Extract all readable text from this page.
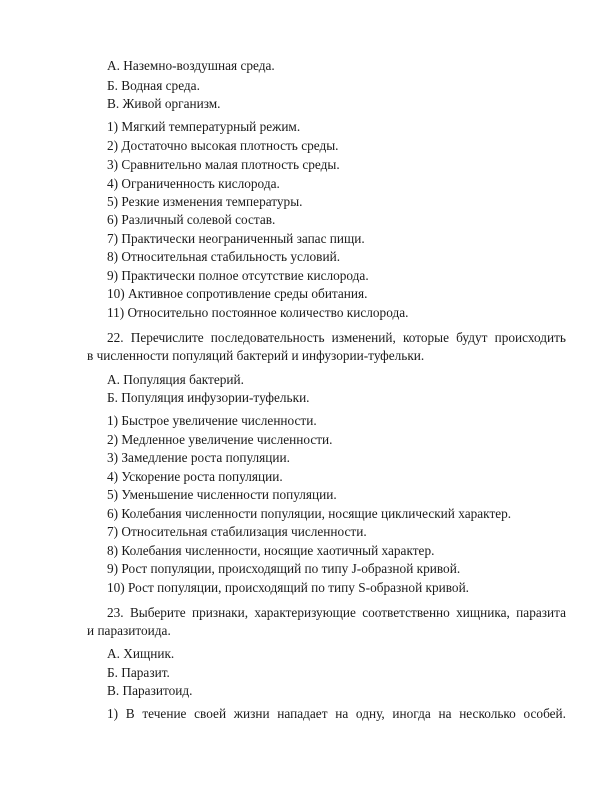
А. Наземно-воздушная среда.
Б. Водная среда.
В. Живой организм.
1) Мягкий температурный режим.
2) Достаточно высокая плотность среды.
3) Сравнительно малая плотность среды.
4) Ограниченность кислорода.
5) Резкие изменения температуры.
6) Различный солевой состав.
7) Практически неограниченный запас пищи.
8) Относительная стабильность условий.
9) Практически полное отсутствие кислорода.
10) Активное сопротивление среды обитания.
11) Относительно постоянное количество кислорода.
22. Перечислите последовательность изменений, которые будут происходить
в численности популяций бактерий и инфузории-туфельки.
А. Популяция бактерий.
Б. Популяция инфузории-туфельки.
1) Быстрое увеличение численности.
2) Медленное увеличение численности.
3) Замедление роста популяции.
4) Ускорение роста популяции.
5) Уменьшение численности популяции.
6) Колебания численности популяции, носящие циклический характер.
7) Относительная стабилизация численности.
8) Колебания численности, носящие хаотичный характер.
9) Рост популяции, происходящий по типу J-образной кривой.
10) Рост популяции, происходящий по типу S-образной кривой.
23. Выберите признаки, характеризующие соответственно хищника, паразита
и паразитоида.
А. Хищник.
Б. Паразит.
В. Паразитоид.
1) В течение своей жизни нападает на одну, иногда на несколько особей.
